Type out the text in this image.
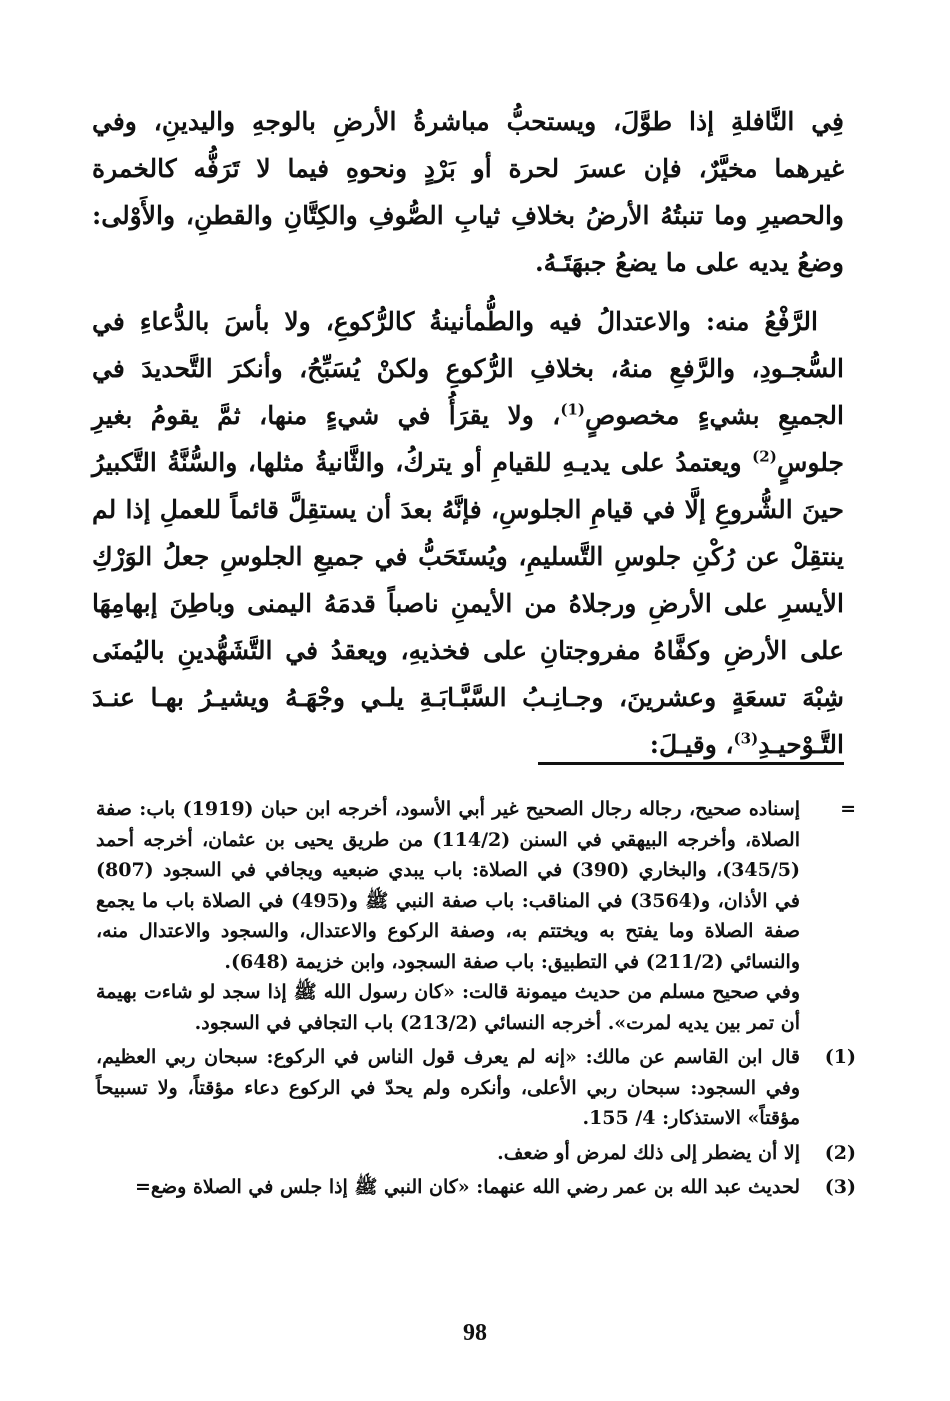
فِي النَّافلةِ إذا طوَّلَ، ويستحبُّ مباشرةُ الأرضِ بالوجهِ واليدينِ، وفي غيرهما مخيَّرٌ، فإن عسرَ لحرة أو بَرْدٍ ونحوهِ فيما لا تَرَفُّه كالخمرة والحصيرِ وما تنبتُهُ الأرضُ بخلافِ ثيابِ الصُّوفِ والكِتَّانِ والقطنِ، والأَوْلى: وضعُ يديه على ما يضعُ جبهَتَـهُ.

الرَّفْعُ منه: والاعتدالُ فيه والطُّمأنينةُ كالرُّكوعِ، ولا بأسَ بالدُّعاءِ في السُّجـودِ، والرَّفعِ منهُ، بخلافِ الرُّكوعِ ولكنْ يُسَبِّحُ، وأنكرَ التَّحديدَ في الجميعِ بشيءٍ مخصوصٍ$^{(1)}$، ولا يقرَأُ في شيءٍ منها، ثمَّ يقومُ بغيرِ جلوسٍ$^{(2)}$ ويعتمدُ على يديـهِ للقيامِ أو يتركُ، والثَّانيةُ مثلها، والسُّنَّةُ التَّكبيرُ حينَ الشُّروعِ إلَّا في قيامِ الجلوسِ، فإنَّهُ بعدَ أن يستقِلَّ قائماً للعملِ إذا لم ينتقِلْ عن رُكْنِ جلوسِ التَّسليمِ، ويُستَحَبُّ في جميعِ الجلوسِ جعلُ الوَرْكِ الأيسرِ على الأرضِ ورجلاهُ من الأيمنِ ناصباً قدمَهُ اليمنى وباطِنَ إبهامِهَا على الأرضِ وكفَّاهُ مفروجتانِ على فخذيهِ، ويعقدُ في التَّشَهُّدينِ باليُمنَى شِبْهَ تسعَةٍ وعشرينَ، وجـانِـبُ السَّبَّـابَـةِ يلـي وجْهَـهُ ويشيـرُ بهـا عنـدَ التَّـوْحيـدِ$^{(3)}$، وقيـلَ:

=

إسناده صحيح، رجاله رجال الصحيح غير أبي الأسود، أخرجه ابن حبان (1919) باب: صفة الصلاة، وأخرجه البيهقي في السنن (114/2) من طريق يحيى بن عثمان، أخرجه أحمد (345/5)، والبخاري (390) في الصلاة: باب يبدي ضبعيه ويجافي في السجود (807) في الأذان، و(3564) في المناقب: باب صفة النبي ﷺ و(495) في الصلاة باب ما يجمع صفة الصلاة وما يفتح به ويختتم به، وصفة الركوع والاعتدال، والسجود والاعتدال منه، والنسائي (211/2) في التطبيق: باب صفة السجود، وابن خزيمة (648).

وفي صحيح مسلم من حديث ميمونة قالت: «كان رسول الله ﷺ إذا سجد لو شاءت بهيمة أن تمر بين يديه لمرت». أخرجه النسائي (213/2) باب التجافي في السجود.

(1)
قال ابن القاسم عن مالك: «إنه لم يعرف قول الناس في الركوع: سبحان ربي العظيم، وفي السجود: سبحان ربي الأعلى، وأنكره ولم يحدّ في الركوع دعاء مؤقتاً، ولا تسبيحاً مؤقتاً» الاستذكار: 4/ 155.
(2)
إلا أن يضطر إلى ذلك لمرض أو ضعف.
(3)
لحديث عبد الله بن عمر رضي الله عنهما: «كان النبي ﷺ إذا جلس في الصلاة وضع=
98
